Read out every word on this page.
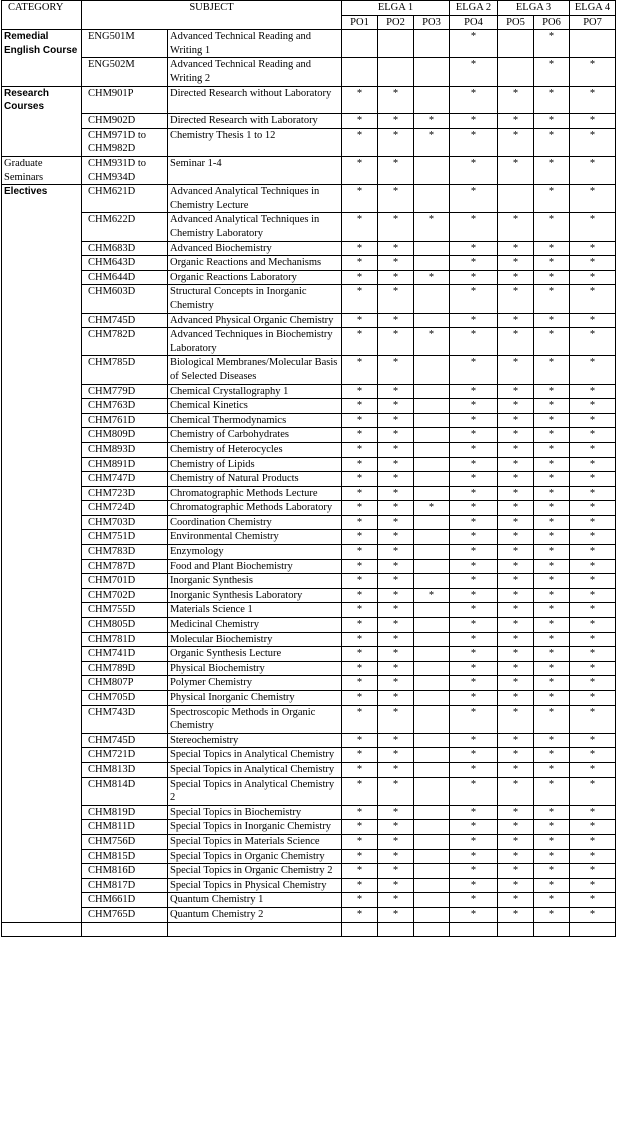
CATEGORY	SUBJECT		ELGA 1			ELGA 2	ELGA 3		ELGA 4
			PO1	PO2	PO3	PO4	PO5	PO6	PO7
Remedial English Course	ENG501M	Advanced Technical Reading and Writing 1				*		*	
	ENG502M	Advanced Technical Reading and Writing 2				*		*	*
Research Courses	CHM901P	Directed Research without Laboratory	*	*		*	*	*	*
	CHM902D	Directed Research with Laboratory	*	*	*	*	*	*	*
	CHM971D to CHM982D	Chemistry Thesis 1 to 12	*	*	*	*	*	*	*
Graduate Seminars	CHM931D to CHM934D	Seminar 1-4	*	*		*	*	*	*
Electives	CHM621D	Advanced Analytical Techniques in Chemistry Lecture	*	*		*		*	*
	CHM622D	Advanced Analytical Techniques in Chemistry Laboratory	*	*	*	*	*	*	*
	CHM683D	Advanced Biochemistry	*	*		*	*	*	*
	CHM643D	Organic Reactions and Mechanisms	*	*		*	*	*	*
	CHM644D	Organic Reactions Laboratory	*	*	*	*	*	*	*
	CHM603D	Structural Concepts in Inorganic Chemistry	*	*		*	*	*	*
	CHM745D	Advanced Physical Organic Chemistry	*	*		*	*	*	*
	CHM782D	Advanced Techniques in Biochemistry Laboratory	*	*	*	*	*	*	*
	CHM785D	Biological Membranes/Molecular Basis of Selected Diseases	*	*		*	*	*	*
	CHM779D	Chemical Crystallography 1	*	*		*	*	*	*
	CHM763D	Chemical Kinetics	*	*		*	*	*	*
	CHM761D	Chemical Thermodynamics	*	*		*	*	*	*
	CHM809D	Chemistry of Carbohydrates	*	*		*	*	*	*
	CHM893D	Chemistry of Heterocycles	*	*		*	*	*	*
	CHM891D	Chemistry of Lipids	*	*		*	*	*	*
	CHM747D	Chemistry of Natural Products	*	*		*	*	*	*
	CHM723D	Chromatographic Methods Lecture	*	*		*	*	*	*
	CHM724D	Chromatographic Methods Laboratory	*	*	*	*	*	*	*
	CHM703D	Coordination Chemistry	*	*		*	*	*	*
	CHM751D	Environmental Chemistry	*	*		*	*	*	*
	CHM783D	Enzymology	*	*		*	*	*	*
	CHM787D	Food and Plant Biochemistry	*	*		*	*	*	*
	CHM701D	Inorganic Synthesis	*	*		*	*	*	*
	CHM702D	Inorganic Synthesis Laboratory	*	*	*	*	*	*	*
	CHM755D	Materials Science 1	*	*		*	*	*	*
	CHM805D	Medicinal Chemistry	*	*		*	*	*	*
	CHM781D	Molecular Biochemistry	*	*		*	*	*	*
	CHM741D	Organic Synthesis Lecture	*	*		*	*	*	*
	CHM789D	Physical Biochemistry	*	*		*	*	*	*
	CHM807P	Polymer Chemistry	*	*		*	*	*	*
	CHM705D	Physical Inorganic Chemistry	*	*		*	*	*	*
	CHM743D	Spectroscopic Methods in Organic Chemistry	*	*		*	*	*	*
	CHM745D	Stereochemistry	*	*		*	*	*	*
	CHM721D	Special Topics in Analytical Chemistry	*	*		*	*	*	*
	CHM813D	Special Topics in Analytical Chemistry	*	*		*	*	*	*
	CHM814D	Special Topics in Analytical Chemistry 2	*	*		*	*	*	*
	CHM819D	Special Topics in Biochemistry	*	*		*	*	*	*
	CHM811D	Special Topics in Inorganic Chemistry	*	*		*	*	*	*
	CHM756D	Special Topics in Materials Science	*	*		*	*	*	*
	CHM815D	Special Topics in Organic Chemistry	*	*		*	*	*	*
	CHM816D	Special Topics in Organic Chemistry 2	*	*		*	*	*	*
	CHM817D	Special Topics in Physical Chemistry	*	*		*	*	*	*
	CHM661D	Quantum Chemistry 1	*	*		*	*	*	*
	CHM765D	Quantum Chemistry 2	*	*		*	*	*	*
